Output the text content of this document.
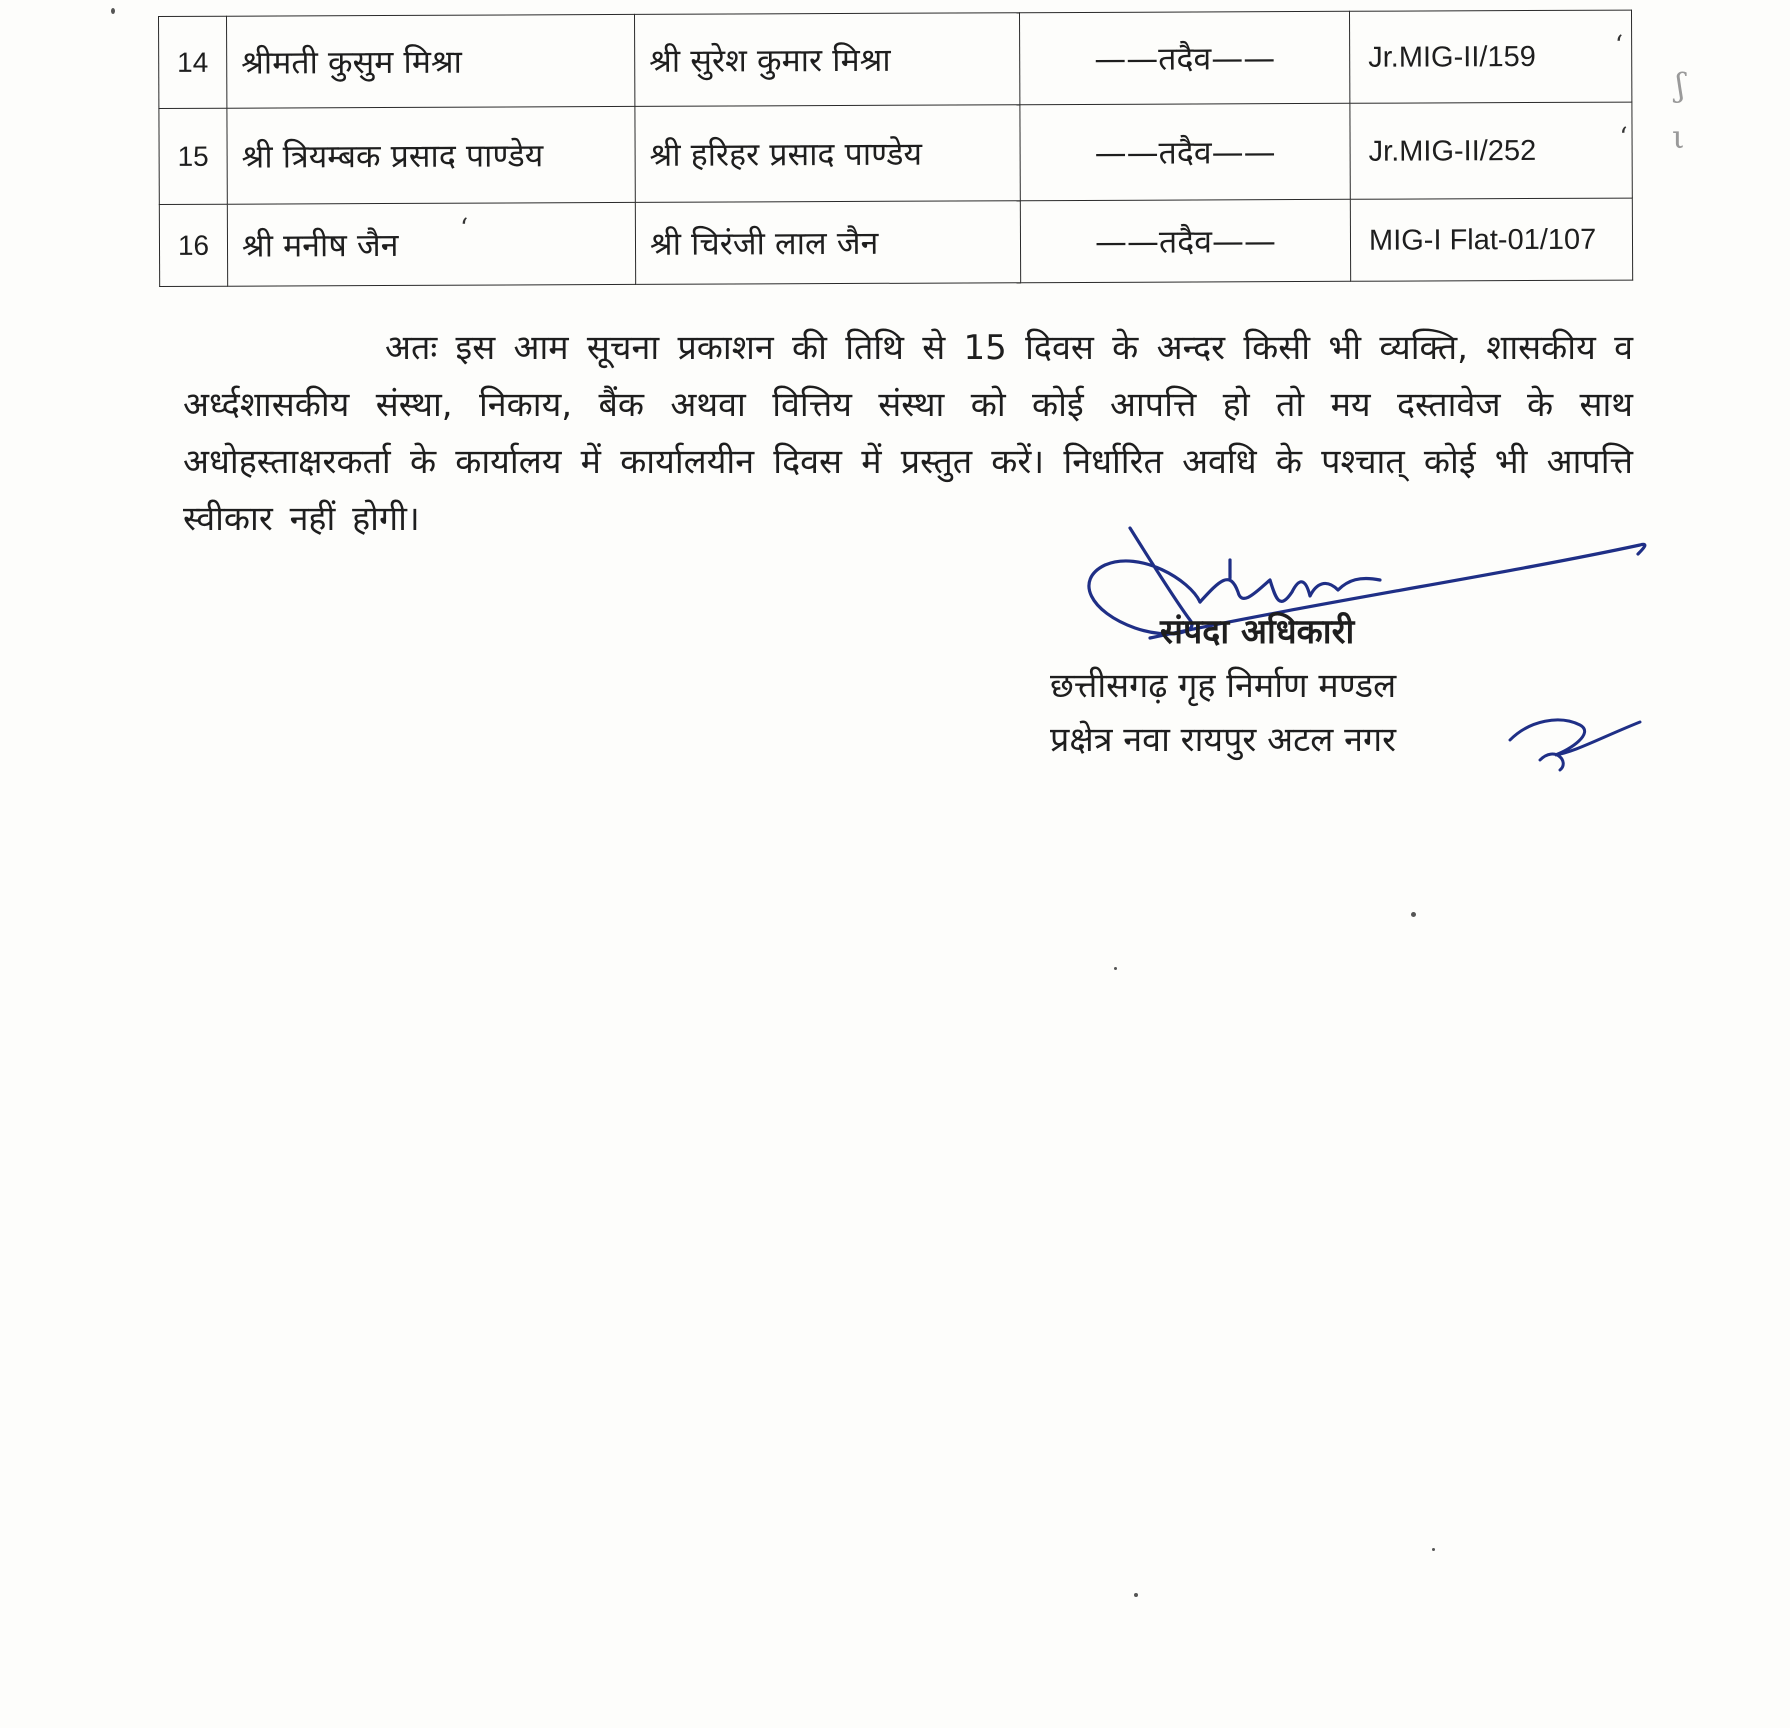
ʃ
ι
14	श्रीमती कुसुम मिश्रा	श्री सुरेश कुमार मिश्रा	——तदैव——	Jr.MIG-II/159 ʻ

15	श्री त्रियम्बक प्रसाद पाण्डेय	श्री हरिहर प्रसाद पाण्डेय	——तदैव——	Jr.MIG-II/252 ʻ

16	श्री मनीष जैन ʻ	श्री चिरंजी लाल जैन	——तदैव——	MIG-I Flat-01/107

अतः इस आम सूचना प्रकाशन की तिथि से 15 दिवस के अन्दर किसी भी व्यक्ति, शासकीय व अर्ध्दशासकीय संस्था, निकाय, बैंक अथवा वित्तिय संस्था को कोई आपत्ति हो तो मय दस्तावेज के साथ अधोहस्ताक्षरकर्ता के कार्यालय में कार्यालयीन दिवस में प्रस्तुत करें। निर्धारित अवधि के पश्चात् कोई भी आपत्ति स्वीकार नहीं होगी।

संपदा अधिकारी
छत्तीसगढ़ गृह निर्माण मण्डल
प्रक्षेत्र नवा रायपुर अटल नगर
